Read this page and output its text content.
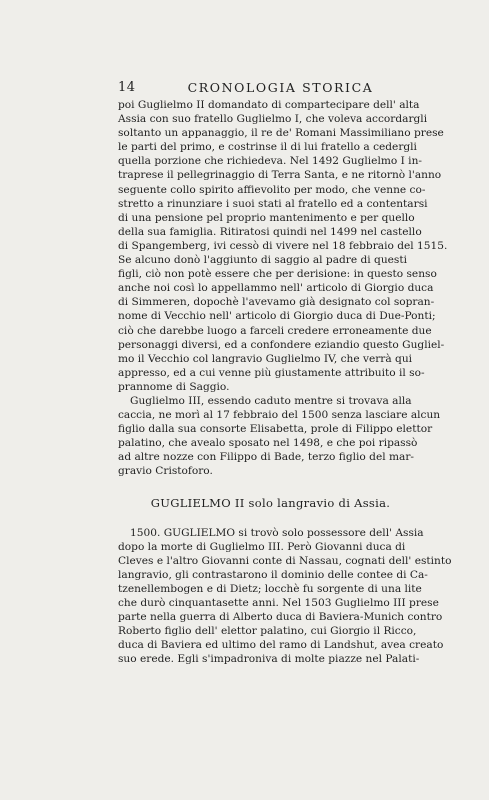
14	CRONOLOGIA STORICA

poi Guglielmo II domandato di compartecipare dell' alta
Assia con suo fratello Guglielmo I, che voleva accordargli
soltanto un appanaggio, il re de' Romani Massimiliano prese
le parti del primo, e costrinse il di lui fratello a cedergli
quella porzione che richiedeva. Nel 1492 Guglielmo I in-
traprese il pellegrinaggio di Terra Santa, e ne ritornò l'anno
seguente collo spirito affievolito per modo, che venne co-
stretto a rinunziare i suoi stati al fratello ed a contentarsi
di una pensione pel proprio mantenimento e per quello
della sua famiglia. Ritiratosi quindi nel 1499 nel castello
di Spangemberg, ivi cessò di vivere nel 18 febbraio del 1515.
Se alcuno donò l'aggiunto di saggio al padre di questi
figli, ciò non potè essere che per derisione: in questo senso
anche noi così lo appellammo nell' articolo di Giorgio duca
di Simmeren, dopochè l'avevamo già designato col sopran-
nome di Vecchio nell' articolo di Giorgio duca di Due-Ponti;
ciò che darebbe luogo a farceli credere erroneamente due
personaggi diversi, ed a confondere eziandio questo Gugliel-
mo il Vecchio col langravio Guglielmo IV, che verrà qui
appresso, ed a cui venne più giustamente attribuito il so-
prannome di Saggio.

Guglielmo III, essendo caduto mentre si trovava alla
caccia, ne morì al 17 febbraio del 1500 senza lasciare alcun
figlio dalla sua consorte Elisabetta, prole di Filippo elettor
palatino, che avealo sposato nel 1498, e che poi ripassò
ad altre nozze con Filippo di Bade, terzo figlio del mar-
gravio Cristoforo.

GUGLIELMO II solo langravio di Assia.

1500. GUGLIELMO si trovò solo possessore dell' Assia
dopo la morte di Guglielmo III. Però Giovanni duca di
Cleves e l'altro Giovanni conte di Nassau, cognati dell' estinto
langravio, gli contrastarono il dominio delle contee di Ca-
tzenellembogen e di Dietz; locchè fu sorgente di una lite
che durò cinquantasette anni. Nel 1503 Guglielmo III prese
parte nella guerra di Alberto duca di Baviera-Munich contro
Roberto figlio dell' elettor palatino, cui Giorgio il Ricco,
duca di Baviera ed ultimo del ramo di Landshut, avea creato
suo erede. Egli s'impadroniva di molte piazze nel Palati-
